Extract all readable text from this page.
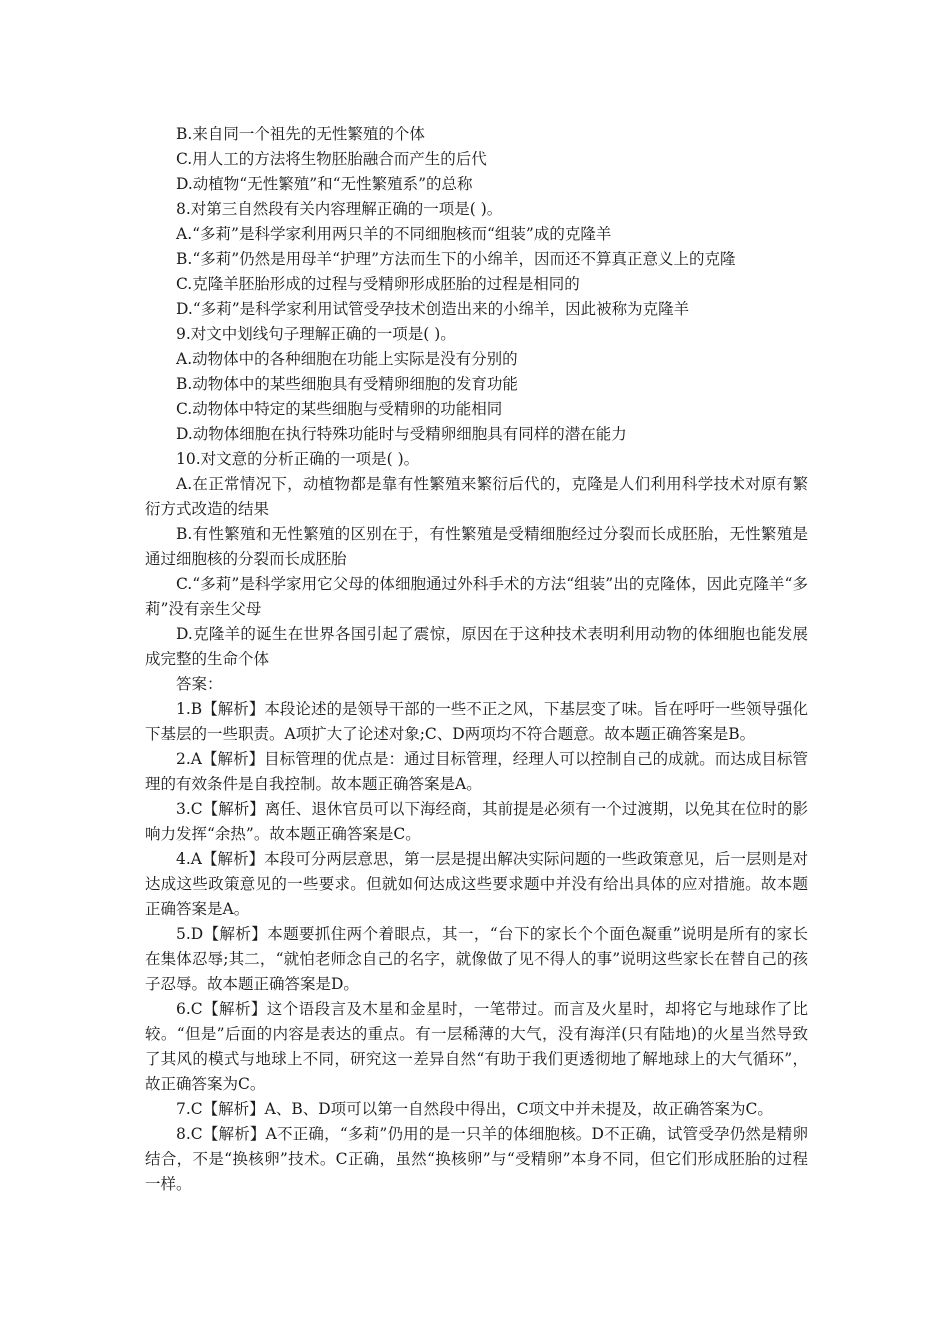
B.来自同一个祖先的无性繁殖的个体

C.用人工的方法将生物胚胎融合而产生的后代

D.动植物“无性繁殖”和“无性繁殖系”的总称

8.对第三自然段有关内容理解正确的一项是( )。

A.“多莉”是科学家利用两只羊的不同细胞核而“组装”成的克隆羊

B.“多莉”仍然是用母羊“护理”方法而生下的小绵羊，因而还不算真正意义上的克隆

C.克隆羊胚胎形成的过程与受精卵形成胚胎的过程是相同的

D.“多莉”是科学家利用试管受孕技术创造出来的小绵羊，因此被称为克隆羊

9.对文中划线句子理解正确的一项是( )。

A.动物体中的各种细胞在功能上实际是没有分别的

B.动物体中的某些细胞具有受精卵细胞的发育功能

C.动物体中特定的某些细胞与受精卵的功能相同

D.动物体细胞在执行特殊功能时与受精卵细胞具有同样的潜在能力

10.对文意的分析正确的一项是( )。

A.在正常情况下，动植物都是靠有性繁殖来繁衍后代的，克隆是人们利用科学技术对原有繁衍方式改造的结果

B.有性繁殖和无性繁殖的区别在于，有性繁殖是受精细胞经过分裂而长成胚胎，无性繁殖是通过细胞核的分裂而长成胚胎

C.“多莉”是科学家用它父母的体细胞通过外科手术的方法“组装”出的克隆体，因此克隆羊“多莉”没有亲生父母

D.克隆羊的诞生在世界各国引起了震惊，原因在于这种技术表明利用动物的体细胞也能发展成完整的生命个体

答案：

1.B【解析】本段论述的是领导干部的一些不正之风，下基层变了味。旨在呼吁一些领导强化下基层的一些职责。A项扩大了论述对象;C、D两项均不符合题意。故本题正确答案是B。

2.A【解析】目标管理的优点是：通过目标管理，经理人可以控制自己的成就。而达成目标管理的有效条件是自我控制。故本题正确答案是A。

3.C【解析】离任、退休官员可以下海经商，其前提是必须有一个过渡期，以免其在位时的影响力发挥“余热”。故本题正确答案是C。

4.A【解析】本段可分两层意思，第一层是提出解决实际问题的一些政策意见，后一层则是对达成这些政策意见的一些要求。但就如何达成这些要求题中并没有给出具体的应对措施。故本题正确答案是A。

5.D【解析】本题要抓住两个着眼点，其一，“台下的家长个个面色凝重”说明是所有的家长在集体忍辱;其二，“就怕老师念自己的名字，就像做了见不得人的事”说明这些家长在替自己的孩子忍辱。故本题正确答案是D。

6.C【解析】这个语段言及木星和金星时，一笔带过。而言及火星时，却将它与地球作了比较。“但是”后面的内容是表达的重点。有一层稀薄的大气，没有海洋(只有陆地)的火星当然导致了其风的模式与地球上不同，研究这一差异自然“有助于我们更透彻地了解地球上的大气循环”，故正确答案为C。

7.C【解析】A、B、D项可以第一自然段中得出，C项文中并未提及，故正确答案为C。

8.C【解析】A不正确，“多莉”仍用的是一只羊的体细胞核。D不正确，试管受孕仍然是精卵结合，不是“换核卵”技术。C正确，虽然“换核卵”与“受精卵”本身不同，但它们形成胚胎的过程一样。
